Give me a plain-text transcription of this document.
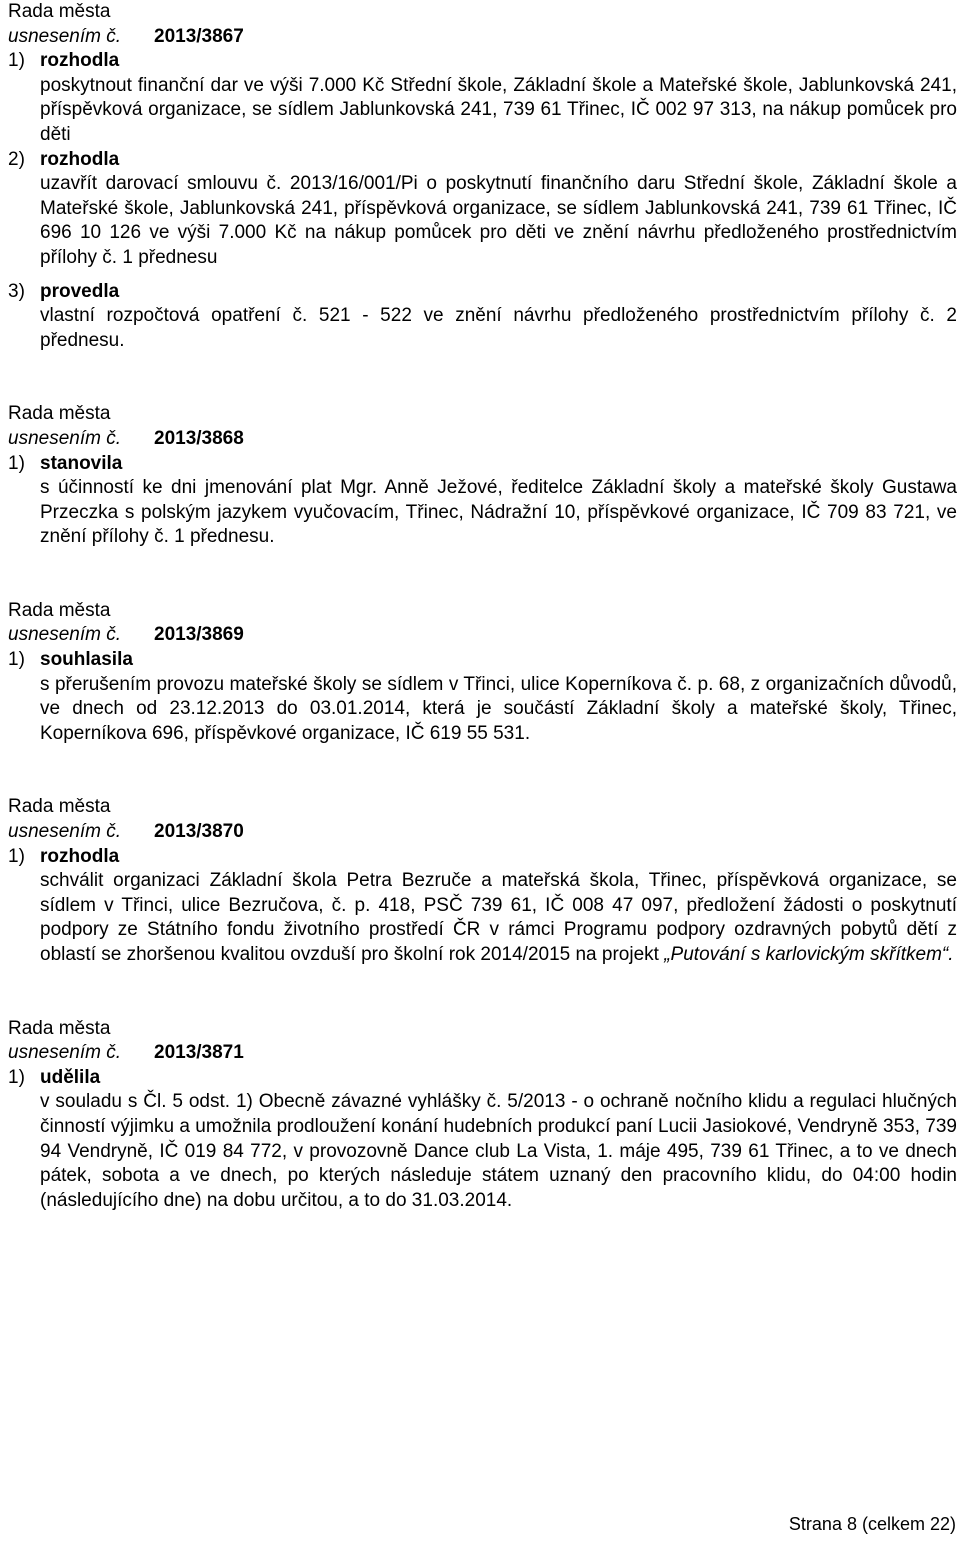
Rada města
usnesením č.	2013/3867
1) rozhodla
poskytnout finanční dar ve výši 7.000 Kč Střední škole, Základní škole a Mateřské škole, Jablunkovská 241, příspěvková organizace, se sídlem Jablunkovská 241, 739 61 Třinec, IČ 002 97 313, na nákup pomůcek pro děti
2) rozhodla
uzavřít darovací smlouvu č. 2013/16/001/Pi o poskytnutí finančního daru Střední škole, Základní škole a Mateřské škole, Jablunkovská 241, příspěvková organizace, se sídlem Jablunkovská 241, 739 61 Třinec, IČ 696 10 126 ve výši 7.000 Kč na nákup pomůcek pro děti ve znění návrhu předloženého prostřednictvím přílohy č. 1 přednesu
3) provedla
vlastní rozpočtová opatření č. 521 - 522 ve znění návrhu předloženého prostřednictvím přílohy č. 2 přednesu.
Rada města
usnesením č.	2013/3868
1) stanovila
s účinností ke dni jmenování plat Mgr. Anně Ježové, ředitelce Základní školy a mateřské školy Gustawa Przeczka s polským jazykem vyučovacím, Třinec, Nádražní 10, příspěvkové organizace, IČ 709 83 721, ve znění přílohy č. 1 přednesu.
Rada města
usnesením č.	2013/3869
1) souhlasila
s přerušením provozu mateřské školy se sídlem v Třinci, ulice Koperníkova č. p. 68, z organizačních důvodů, ve dnech od 23.12.2013 do 03.01.2014, která je součástí Základní školy a mateřské školy, Třinec, Koperníkova 696, příspěvkové organizace, IČ 619 55 531.
Rada města
usnesením č.	2013/3870
1) rozhodla
schválit organizaci Základní škola Petra Bezruče a mateřská škola, Třinec, příspěvková organizace, se sídlem v Třinci, ulice Bezručova, č. p. 418, PSČ 739 61, IČ 008 47 097, předložení žádosti o poskytnutí podpory ze Státního fondu životního prostředí ČR v rámci Programu podpory ozdravných pobytů dětí z oblastí se zhoršenou kvalitou ovzduší pro školní rok 2014/2015 na projekt „Putování s karlovickým skřítkem“.
Rada města
usnesením č.	2013/3871
1) udělila
v souladu s Čl. 5 odst. 1) Obecně závazné vyhlášky č. 5/2013 - o ochraně nočního klidu a regulaci hlučných činností výjimku a umožnila prodloužení konání hudebních produkcí paní Lucii Jasiokové, Vendryně 353, 739 94 Vendryně, IČ 019 84 772, v provozovně Dance club La Vista, 1. máje 495, 739 61 Třinec, a to ve dnech pátek, sobota a ve dnech, po kterých následuje státem uznaný den pracovního klidu, do 04:00 hodin (následujícího dne) na dobu určitou, a to do 31.03.2014.
Strana 8 (celkem 22)
